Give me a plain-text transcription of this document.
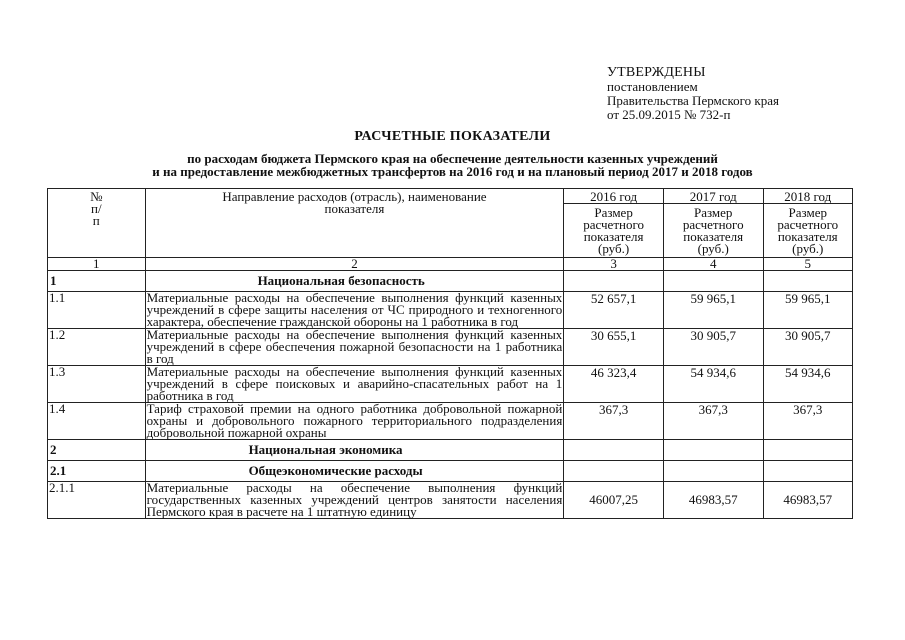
УТВЕРЖДЕНЫ
постановлением
Правительства Пермского края
от 25.09.2015 № 732-п
РАСЧЕТНЫЕ ПОКАЗАТЕЛИ
по расходам бюджета Пермского края на обеспечение деятельности казенных учреждений
и на предоставление межбюджетных трансфертов на 2016 год и на плановый период 2017 и 2018 годов
№ п/п	Направление расходов (отрасль), наименование показателя	2016 год	2017 год	2018 год
		Размер расчетного показателя (руб.)	Размер расчетного показателя (руб.)	Размер расчетного показателя (руб.)
1	2	3	4	5
1	Национальная безопасность			
1.1	Материальные расходы на обеспечение выполнения функций казенных учреждений в сфере защиты населения от ЧС природного и техногенного характера, обеспечение гражданской обороны на 1 работника в год	52 657,1	59 965,1	59 965,1
1.2	Материальные расходы на обеспечение выполнения функций казенных учреждений в сфере обеспечения пожарной безопасности на 1 работника в год	30 655,1	30 905,7	30 905,7
1.3	Материальные расходы на обеспечение выполнения функций казенных учреждений в сфере поисковых и аварийно-спасательных работ на 1 работника в год	46 323,4	54 934,6	54 934,6
1.4	Тариф страховой премии на одного работника добровольной пожарной охраны и добровольного пожарного территориального подразделения добровольной пожарной охраны	367,3	367,3	367,3
2	Национальная экономика			
2.1	Общеэкономические расходы			
2.1.1	Материальные расходы на обеспечение выполнения функций государственных казенных учреждений центров занятости населения Пермского края в расчете на 1 штатную единицу	46007,25	46983,57	46983,57
